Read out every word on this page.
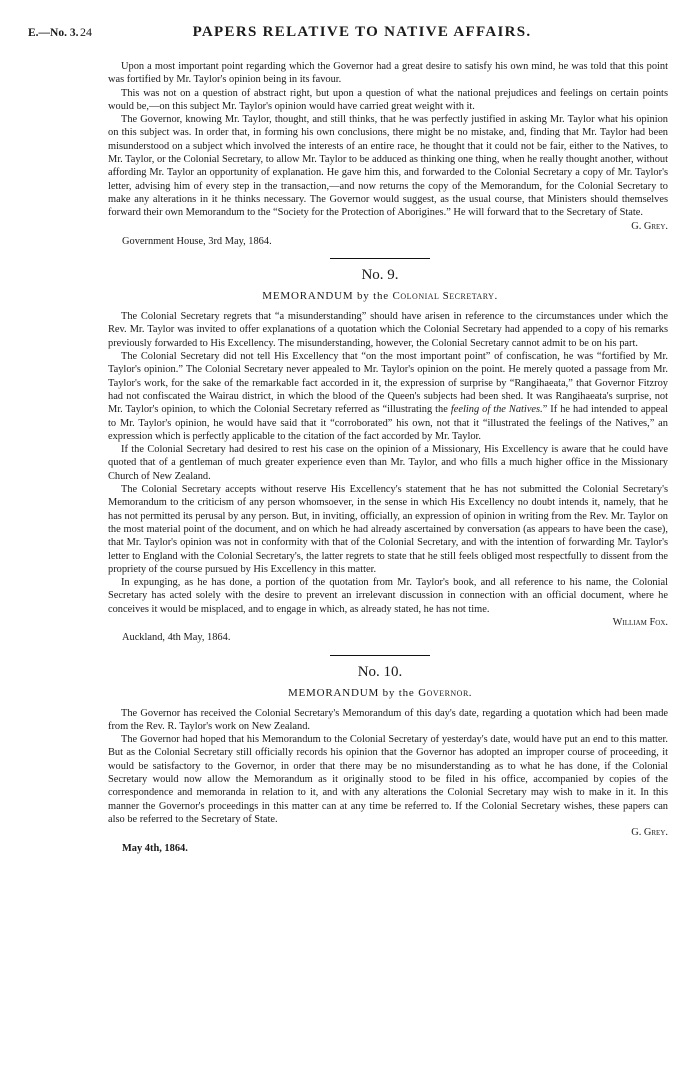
E.—No. 3. 24	PAPERS RELATIVE TO NATIVE AFFAIRS.

Upon a most important point regarding which the Governor had a great desire to satisfy his own mind, he was told that this point was fortified by Mr. Taylor's opinion being in its favour.

This was not on a question of abstract right, but upon a question of what the national prejudices and feelings on certain points would be,—on this subject Mr. Taylor's opinion would have carried great weight with it.

The Governor, knowing Mr. Taylor, thought, and still thinks, that he was perfectly justified in asking Mr. Taylor what his opinion on this subject was. In order that, in forming his own conclusions, there might be no mistake, and, finding that Mr. Taylor had been misunderstood on a subject which involved the interests of an entire race, he thought that it could not be fair, either to the Natives, to Mr. Taylor, or the Colonial Secretary, to allow Mr. Taylor to be adduced as thinking one thing, when he really thought another, without affording Mr. Taylor an opportunity of explanation. He gave him this, and forwarded to the Colonial Secretary a copy of Mr. Taylor's letter, advising him of every step in the transaction,—and now returns the copy of the Memorandum, for the Colonial Secretary to make any alterations in it he thinks necessary. The Governor would suggest, as the usual course, that Ministers should themselves forward their own Memorandum to the “Society for the Protection of Aborigines.” He will forward that to the Secretary of State.

G. Grey.
Government House, 3rd May, 1864.
No. 9.
MEMORANDUM by the Colonial Secretary.

The Colonial Secretary regrets that “a misunderstanding” should have arisen in reference to the circumstances under which the Rev. Mr. Taylor was invited to offer explanations of a quotation which the Colonial Secretary had appended to a copy of his remarks previously forwarded to His Excellency. The misunderstanding, however, the Colonial Secretary cannot admit to be on his part.

The Colonial Secretary did not tell His Excellency that “on the most important point” of confiscation, he was “fortified by Mr. Taylor's opinion.” The Colonial Secretary never appealed to Mr. Taylor's opinion on the point. He merely quoted a passage from Mr. Taylor's work, for the sake of the remarkable fact accorded in it, the expression of surprise by “Rangihaeata,” that Governor Fitzroy had not confiscated the Wairau district, in which the blood of the Queen's subjects had been shed. It was Rangihaeata's surprise, not Mr. Taylor's opinion, to which the Colonial Secretary referred as “illustrating the feeling of the Natives.” If he had intended to appeal to Mr. Taylor's opinion, he would have said that it “corroborated” his own, not that it “illustrated the feelings of the Natives,” an expression which is perfectly applicable to the citation of the fact accorded by Mr. Taylor.

If the Colonial Secretary had desired to rest his case on the opinion of a Missionary, His Excellency is aware that he could have quoted that of a gentleman of much greater experience even than Mr. Taylor, and who fills a much higher office in the Missionary Church of New Zealand.

The Colonial Secretary accepts without reserve His Excellency's statement that he has not submitted the Colonial Secretary's Memorandum to the criticism of any person whomsoever, in the sense in which His Excellency no doubt intends it, namely, that he has not permitted its perusal by any person. But, in inviting, officially, an expression of opinion in writing from the Rev. Mr. Taylor on the most material point of the document, and on which he had already ascertained by conversation (as appears to have been the case), that Mr. Taylor's opinion was not in conformity with that of the Colonial Secretary, and with the intention of forwarding Mr. Taylor's letter to England with the Colonial Secretary's, the latter regrets to state that he still feels obliged most respectfully to dissent from the propriety of the course pursued by His Excellency in this matter.

In expunging, as he has done, a portion of the quotation from Mr. Taylor's book, and all reference to his name, the Colonial Secretary has acted solely with the desire to prevent an irrelevant discussion in connection with an official document, where he conceives it would be misplaced, and to engage in which, as already stated, he has not time.

William Fox.
Auckland, 4th May, 1864.
No. 10.
MEMORANDUM by the Governor.

The Governor has received the Colonial Secretary's Memorandum of this day's date, regarding a quotation which had been made from the Rev. R. Taylor's work on New Zealand.

The Governor had hoped that his Memorandum to the Colonial Secretary of yesterday's date, would have put an end to this matter. But as the Colonial Secretary still officially records his opinion that the Governor has adopted an improper course of proceeding, it would be satisfactory to the Governor, in order that there may be no misunderstanding as to what he has done, if the Colonial Secretary would now allow the Memorandum as it originally stood to be filed in his office, accompanied by copies of the correspondence and memoranda in relation to it, and with any alterations the Colonial Secretary may wish to make in it. In this manner the Governor's proceedings in this matter can at any time be referred to. If the Colonial Secretary wishes, these papers can also be referred to the Secretary of State.

G. Grey.
May 4th, 1864.
